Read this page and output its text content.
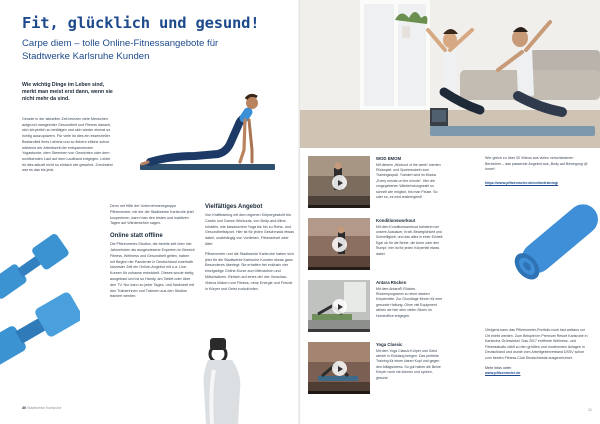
Fit, glücklich und gesund!
Carpe diem – tolle Online-Fitnessangebote für Stadtwerke Karlsruhe Kunden
Wie wichtig Dinge im Leben sind, merkt man meist erst dann, wenn sie nicht mehr da sind.
Gerade in der aktuellen Zeit lechzen viele Menschen aufgrund mangelnder Gesundheit und Fitness danach, sich körperlich zu betätigen und sich wieder einmal so richtig auszupowern. Für viele ist dies ein essenzieller Bestandteil ihres Lebens und so fiebern etliche schon während der Arbeitszeit der entspannenden Yogastunde, dem Stemmen von Gewichten oder dem wohltuenden Lauf auf dem Laufband entgegen. Leider ist dies aktuell nicht so einfach wie gewohnt. Zumindest war es das bis jetzt.
Denn mit Hilfe der Unternehmensgruppe Pfitzenmeier, mit der die Stadtwerke Karlsruhe jetzt kooperieren, kann man den tristen und inaktiven Tagen auf Wiedersehen sagen.
Online statt offline
Die Pfitzenmeier-Studios, die bereits seit über vier Jahrzehnten als ausgewiesene Experten im Bereich Fitness, Wellness und Gesundheit gelten, haben mit Beginn der Pandemie in Deutschland innerhalb kürzester Zeit ein Online-Angebot mit u.a. Live-Kursen für zuhause entwickelt. Dieses wurde stetig ausgebaut und ist so Handy, am Tablet oder über den TV. Nur kann zu jeder Tages- und Nachtzeit mit den Trainerinnen und Trainern aus den Studios trainiert werden.
Vielfältiges Angebot
Von Krafttraining mit dem eigenen Körpergewicht bis Cardio und Dance-Workouts, von Body-and-Mind-Inhalten, wie klassischem Yoga bis hin zu Reha- und Gesundheitssport. Hier ist für jeden Geschmack etwas dabei, unabhängig von Vorlieben, Fitnesslevel oder Alter.
Pfitzenmeier und die Stadtwerke Karlsruhe haben sich jetzt für die Stadtwerke Karlsruhe Kunden etwas ganz Besonderes überlegt: Sie erhalten frei exklusiv vier einzigartige Online-Kurse zum Mitmachen und Mitschwitzen. Einfach auf eines der vier Vorschau-Videos klicken und Fitness, neue Energie und Freude in Körper und Geist zurückholen.
30 Stadtwerke Karlsruhe
WOD EMOM
Mit diesem „Workout of the week“ werden Rückspiel- und Sportmuskeln zum Trainingsspaß. Trainiert wird im Modus „Every minute on the minute“. Hier die vorgegebenen Wiederholungszahl so schnell wie möglich, bis man Pause. So oder so, es wird anstrengend!
Konditionsworkout
Mit dem Konditionsworkout trainieren wir unsere Ausdauer, Kraft, Beweglichkeit und Schnelligkeit, und das alles in einer Einheit. Egal ob für die Beine, die Arme oder den Rumpf, hier ist für jeden Körperteil etwas dabei.
Antara Rücken
Mit dem Antara®-Rücken-Rückenprogramm zu einer starken Körpermitte. Zur Grundlage führen für eine gesunde Haltung. Ohne viel Equipment wirken wir hier dem vielen Sitzen im Homeoffice entgegen.
Yoga Classic
Mit dem Yoga Classic Körper und Geist wieder in Einklang bringen. Das perfekte Training für einen klaren Kopf und gegen den Alltagsstress. So gut haben die Beine Körper noch nie können und spüren, gesund.
Wer gleich zu über 30 Videos aus vielen verschiedenen Bereichen – das passende Angebot aus „Body auf Bewegung @ home“.
https://www.pfitzenmeier.de/onlinetraining/
Übrigens kann das Pfitzenmeier-Portfolio noch fast weitaus vor Ort erlebt werden. Zum Beispiel im Premium Resort Karlsruhe in Karlsruhe-Grünwinkel. Das 2017 eröffnete Wellness- und Fitnessstudio zählt zu den größten und modernsten Anlagen in Deutschland und wurde vom Arbeitgeberverband DSSV schon zum besten Fitness-Club Deutschlands ausgezeichnet.
Mehr Infos unter
www.pfitzenmeier.de
31
